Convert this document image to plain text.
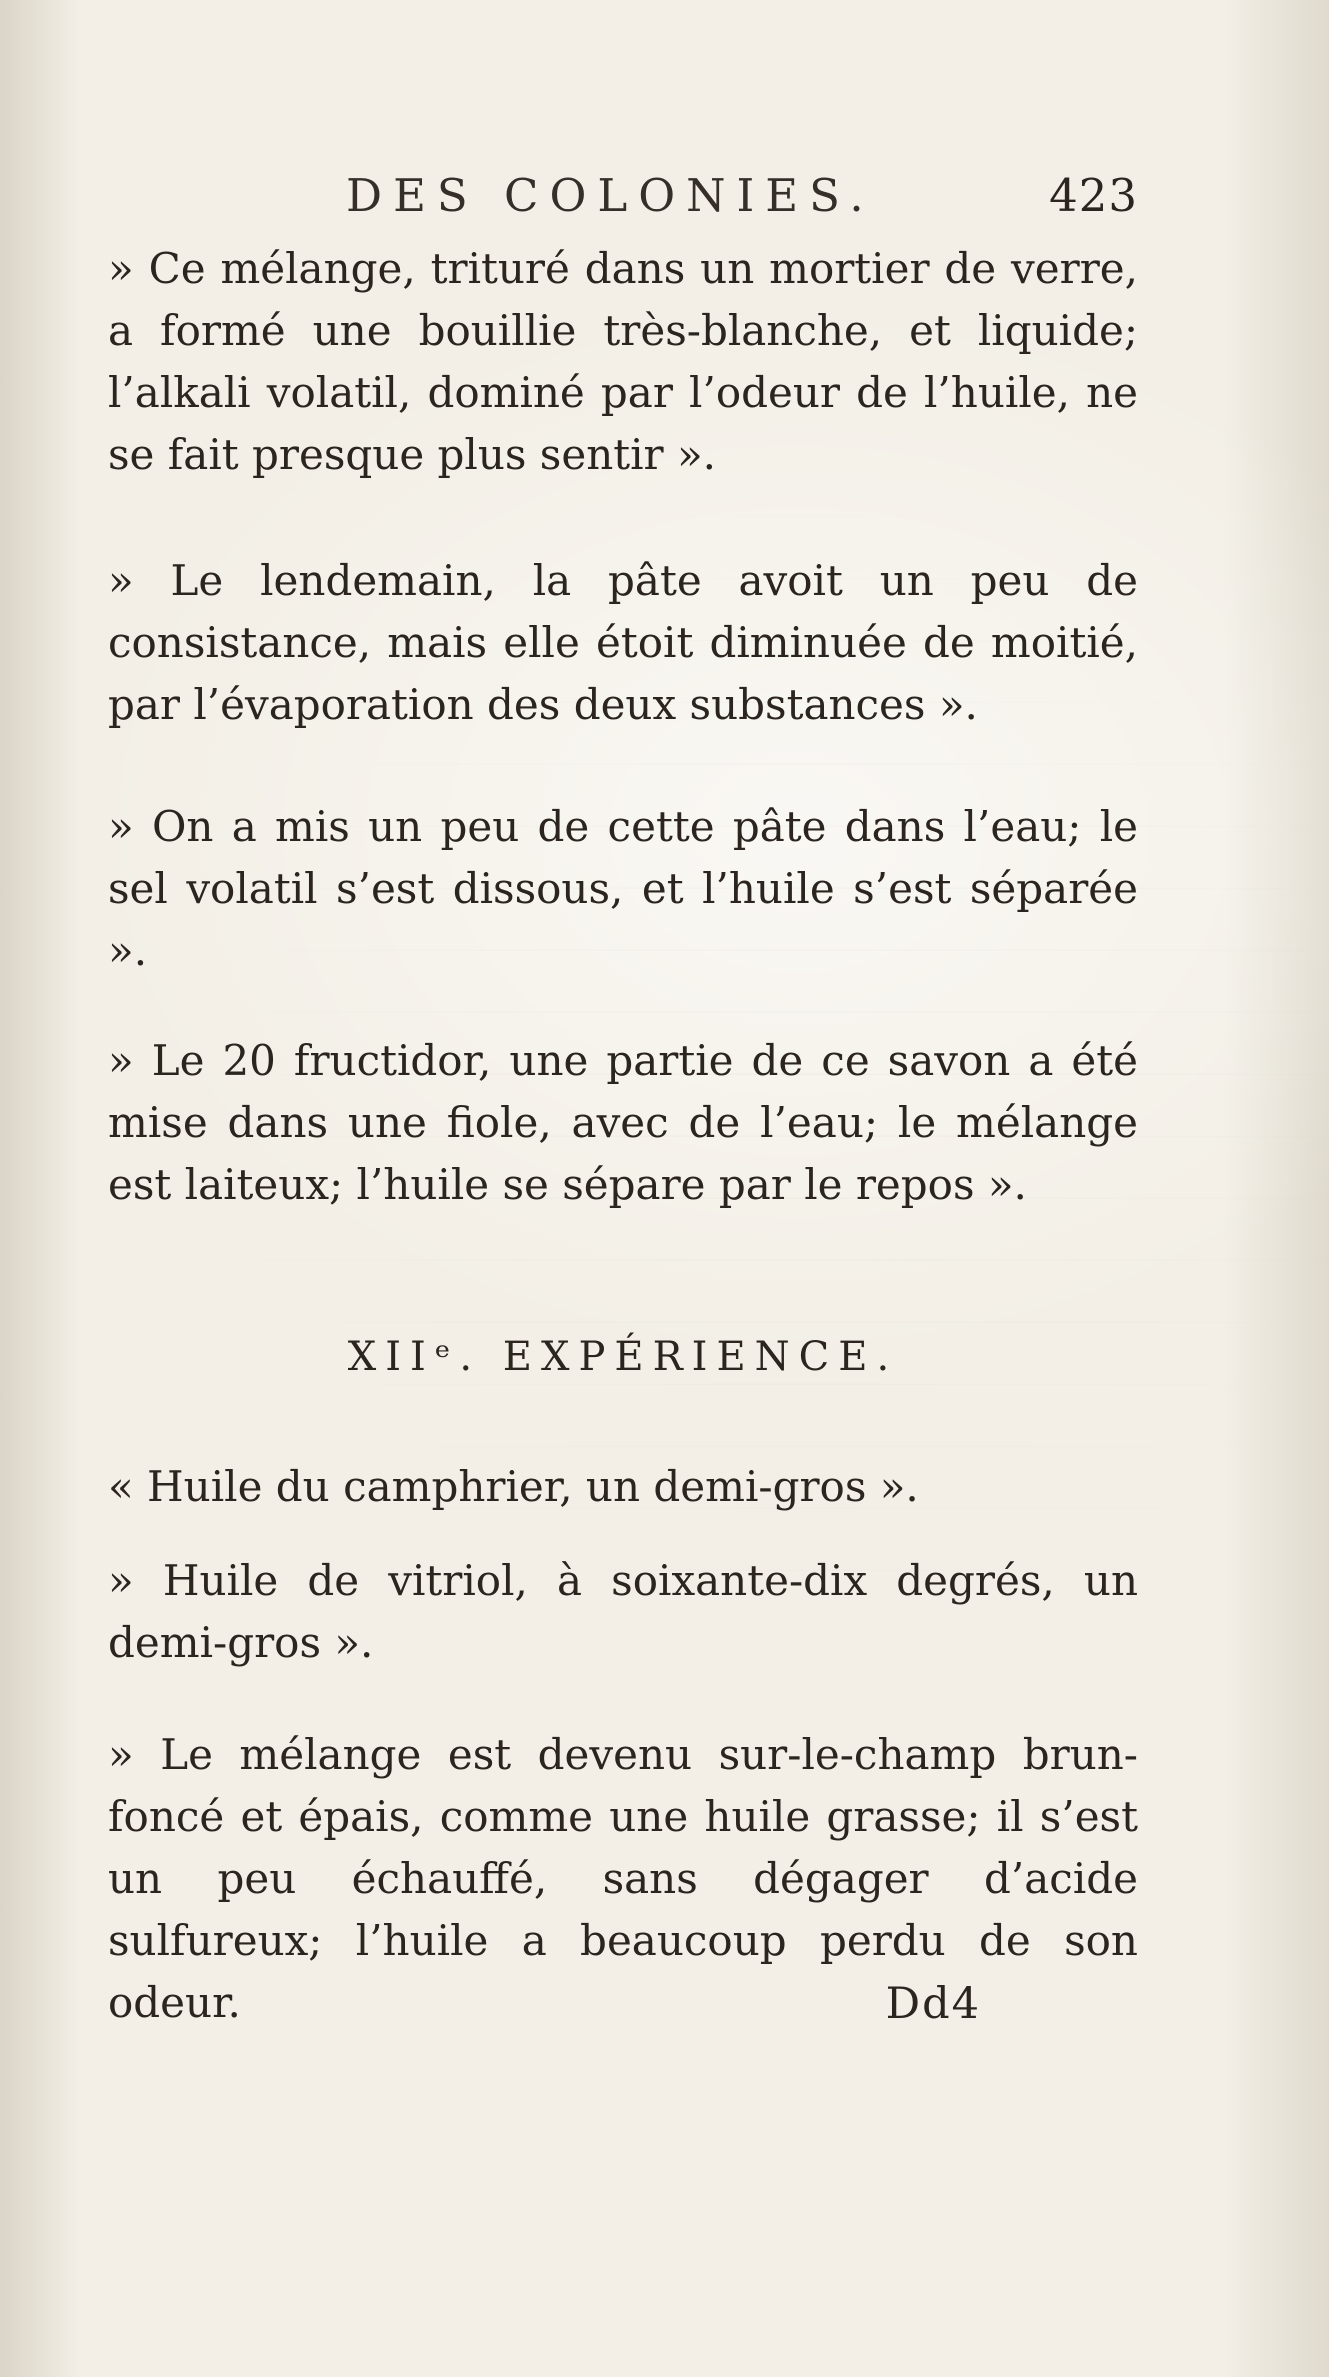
DES COLONIES.	423
» Ce mélange, trituré dans un mortier de verre, a formé une bouillie très-blanche, et liquide; l’alkali volatil, dominé par l’odeur de l’huile, ne se fait presque plus sentir ».
» Le lendemain, la pâte avoit un peu de consistance, mais elle étoit diminuée de moitié, par l’évaporation des deux substances ».
» On a mis un peu de cette pâte dans l’eau; le sel volatil s’est dissous, et l’huile s’est séparée ».
» Le 20 fructidor, une partie de ce savon a été mise dans une fiole, avec de l’eau; le mélange est laiteux; l’huile se sépare par le repos ».
XIIᵉ. EXPÉRIENCE.
« Huile du camphrier, un demi-gros ».
» Huile de vitriol, à soixante-dix degrés, un demi-gros ».
» Le mélange est devenu sur-le-champ brun-foncé et épais, comme une huile grasse; il s’est un peu échauffé, sans dégager d’acide sulfureux; l’huile a beaucoup perdu de son odeur.	Dd4
